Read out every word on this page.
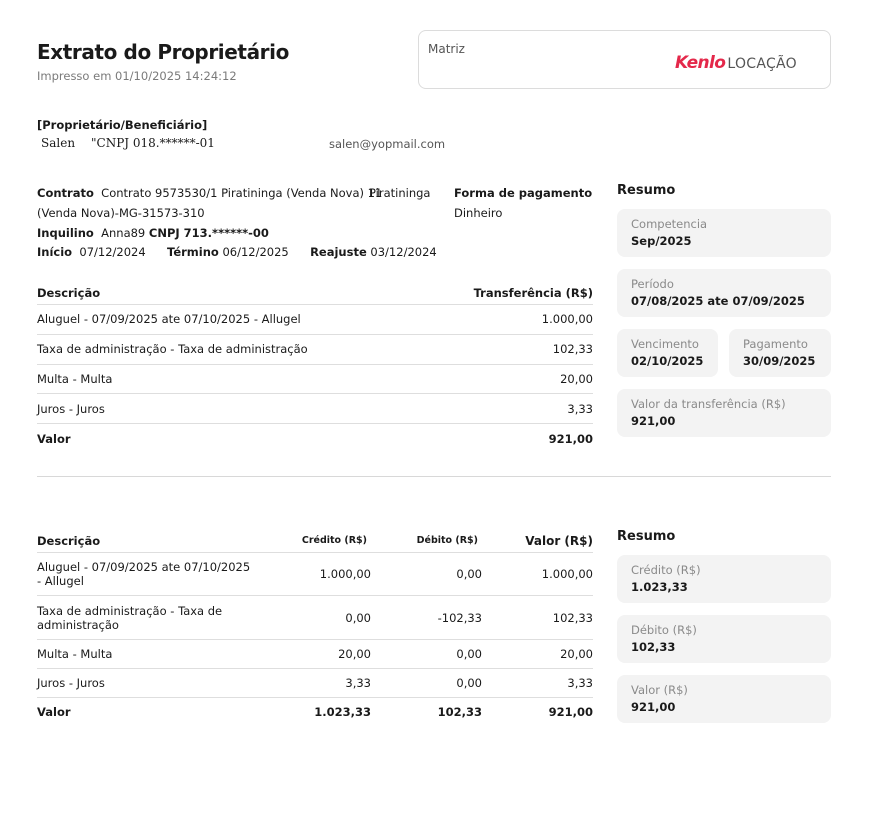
Extrato do Proprietário
Impresso em 01/10/2025 14:24:12
Matriz
Kenlo LOCAÇÃO
[Proprietário/Beneficiário]
Salen "CNPJ 018.******-01	salen@yopmail.com
Contrato Contrato 9573530/1 Piratininga (Venda Nova) 11
Piratininga
(Venda Nova)-MG-31573-310
Inquilino Anna89 CNPJ 713.******-00
Início 07/12/2024 Término 06/12/2025 Reajuste 03/12/2024
Forma de pagamento
Dinheiro
Descrição	Transferência (R$)
Aluguel - 07/09/2025 ate 07/10/2025 - Allugel	1.000,00
Taxa de administração - Taxa de administração	102,33
Multa - Multa	20,00
Juros - Juros	3,33
Valor	921,00
Resumo
Competencia
Sep/2025
Período
07/08/2025 ate 07/09/2025
Vencimento
02/10/2025
Pagamento
30/09/2025
Valor da transferência (R$)
921,00
Descrição	Crédito (R$)	Débito (R$)	Valor (R$)
Aluguel - 07/09/2025 ate 07/10/2025 - Allugel	1.000,00	0,00	1.000,00
Taxa de administração - Taxa de administração	0,00	-102,33	102,33
Multa - Multa	20,00	0,00	20,00
Juros - Juros	3,33	0,00	3,33
Valor	1.023,33	102,33	921,00
Resumo
Crédito (R$)
1.023,33
Débito (R$)
102,33
Valor (R$)
921,00
